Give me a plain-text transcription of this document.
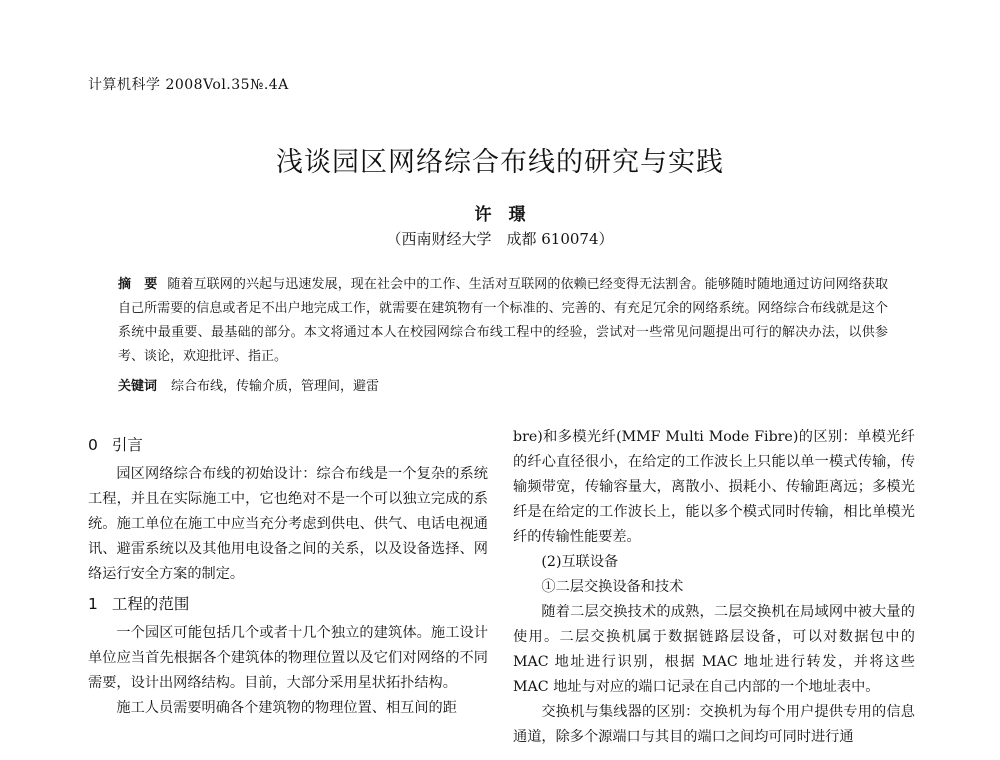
计算机科学 2008Vol.35№.4A
浅谈园区网络综合布线的研究与实践
许　璟
（西南财经大学　成都 610074）
摘　要 随着互联网的兴起与迅速发展，现在社会中的工作、生活对互联网的依赖已经变得无法割舍。能够随时随地通过访问网络获取自己所需要的信息或者足不出户地完成工作，就需要在建筑物有一个标准的、完善的、有充足冗余的网络系统。网络综合布线就是这个系统中最重要、最基础的部分。本文将通过本人在校园网综合布线工程中的经验，尝试对一些常见问题提出可行的解决办法，以供参考、谈论，欢迎批评、指正。
关键词 综合布线，传输介质，管理间，避雷
0 引言

园区网络综合布线的初始设计：综合布线是一个复杂的系统工程，并且在实际施工中，它也绝对不是一个可以独立完成的系统。施工单位在施工中应当充分考虑到供电、供气、电话电视通讯、避雷系统以及其他用电设备之间的关系，以及设备选择、网络运行安全方案的制定。

1 工程的范围

一个园区可能包括几个或者十几个独立的建筑体。施工设计单位应当首先根据各个建筑体的物理位置以及它们对网络的不同需要，设计出网络结构。目前，大部分采用星状拓扑结构。

施工人员需要明确各个建筑物的物理位置、相互间的距

bre)和多模光纤(MMF Multi Mode Fibre)的区别：单模光纤的纤心直径很小，在给定的工作波长上只能以单一模式传输，传输频带宽，传输容量大，离散小、损耗小、传输距离远；多模光纤是在给定的工作波长上，能以多个模式同时传输，相比单模光纤的传输性能要差。

(2)互联设备

①二层交换设备和技术

随着二层交换技术的成熟，二层交换机在局域网中被大量的使用。二层交换机属于数据链路层设备，可以对数据包中的 MAC 地址进行识别，根据 MAC 地址进行转发，并将这些 MAC 地址与对应的端口记录在自己内部的一个地址表中。

交换机与集线器的区别：交换机为每个用户提供专用的信息通道，除多个源端口与其目的端口之间均可同时进行通
